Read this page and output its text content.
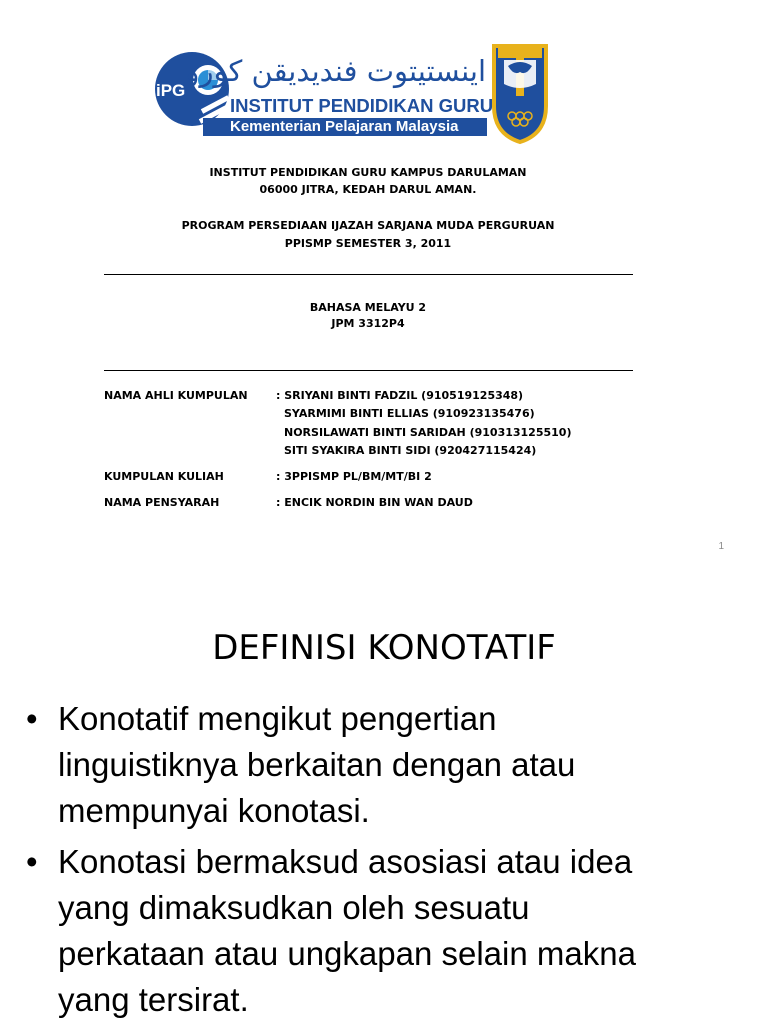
iPG
اينستيتوت فنديديقن كورو
INSTITUT PENDIDIKAN GURU
Kementerian Pelajaran Malaysia
INSTITUT PENDIDIKAN GURU KAMPUS DARULAMAN
06000 JITRA, KEDAH DARUL AMAN.
PROGRAM PERSEDIAAN IJAZAH SARJANA MUDA PERGURUAN
PPISMP SEMESTER 3, 2011
BAHASA MELAYU 2
JPM 3312P4
NAMA AHLI KUMPULAN	: SRIYANI BINTI FADZIL (910519125348)
SYARMIMI BINTI ELLIAS (910923135476)
NORSILAWATI BINTI SARIDAH (910313125510)
SITI SYAKIRA BINTI SIDI (920427115424)
KUMPULAN KULIAH	: 3PPISMP PL/BM/MT/BI 2
NAMA PENSYARAH	: ENCIK NORDIN BIN WAN DAUD
1
DEFINISI KONOTATIF
• Konotatif mengikut pengertian
linguistiknya berkaitan dengan atau
mempunyai konotasi.
• Konotasi bermaksud asosiasi atau idea
yang dimaksudkan oleh sesuatu
perkataan atau ungkapan selain makna
yang tersirat.
